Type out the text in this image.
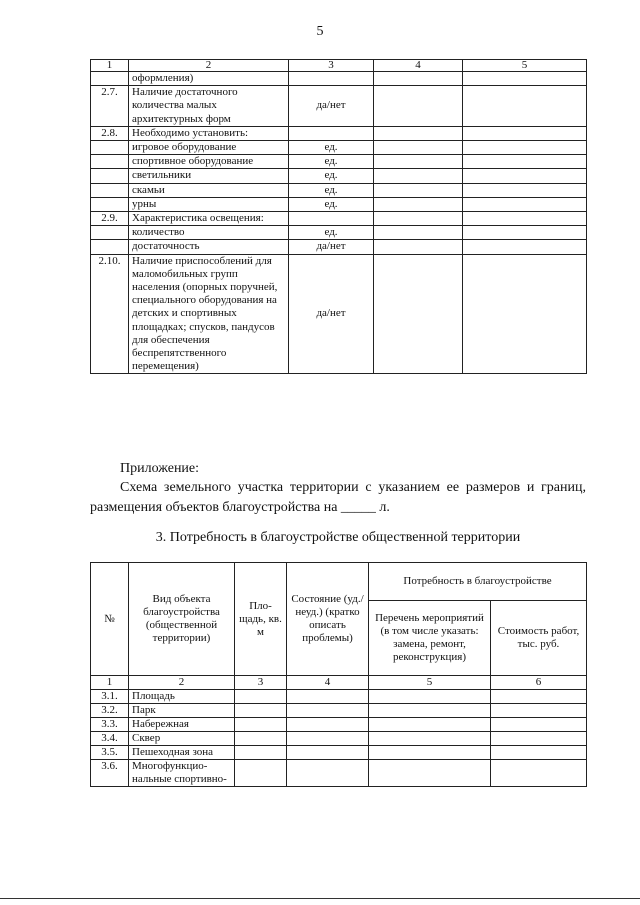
5
1	2	3	4	5
	оформления)			
2.7.	Наличие достаточного количества малых архитектурных форм	да/нет		
2.8.	Необходимо установить:			
	игровое оборудование	ед.		
	спортивное оборудование	ед.		
	светильники	ед.		
	скамьи	ед.		
	урны	ед.		
2.9.	Характеристика освещения:			
	количество	ед.		
	достаточность	да/нет		
2.10.	Наличие приспособлений для маломобильных групп населения (опорных поручней, специального оборудования на детских и спортивных площадках; спусков, пандусов для обеспечения беспрепятственного перемещения)	да/нет		
Приложение:
Схема земельного участка территории с указанием ее размеров и границ, размещения объектов благоустройства на _____ л.
3. Потребность в благоустройстве общественной территории
№	Вид объекта благоустройства (общественной территории)	Пло-щадь, кв. м	Состояние (уд./неуд.) (кратко описать проблемы)	Потребность в благоустройстве	
				Перечень мероприятий (в том числе указать: замена, ремонт, реконструкция)	Стоимость работ, тыс. руб.
1	2	3	4	5	6
3.1.	Площадь				
3.2.	Парк				
3.3.	Набережная				
3.4.	Сквер				
3.5.	Пешеходная зона				
3.6.	Многофункцио-нальные спортивно-				
